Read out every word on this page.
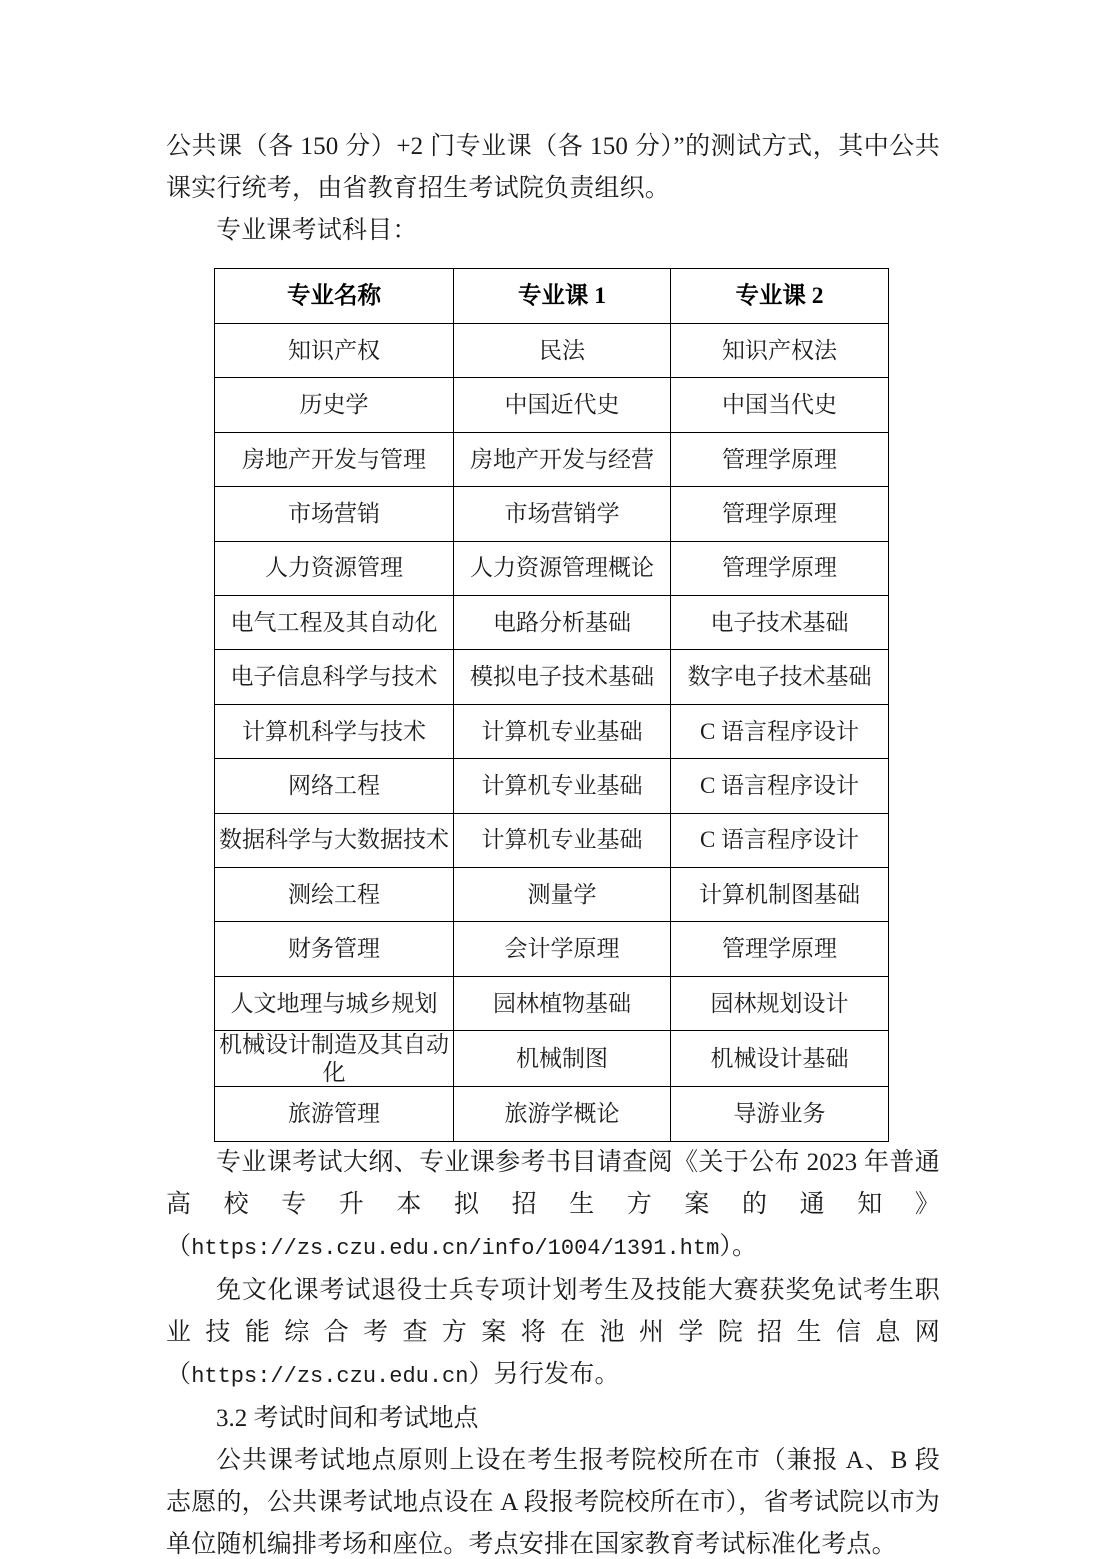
公共课（各 150 分）+2 门专业课（各 150 分）”的测试方式，其中公共课实行统考，由省教育招生考试院负责组织。

专业课考试科目：

专业名称	专业课 1	专业课 2
知识产权	民法	知识产权法
历史学	中国近代史	中国当代史
房地产开发与管理	房地产开发与经营	管理学原理
市场营销	市场营销学	管理学原理
人力资源管理	人力资源管理概论	管理学原理
电气工程及其自动化	电路分析基础	电子技术基础
电子信息科学与技术	模拟电子技术基础	数字电子技术基础
计算机科学与技术	计算机专业基础	C 语言程序设计
网络工程	计算机专业基础	C 语言程序设计
数据科学与大数据技术	计算机专业基础	C 语言程序设计
测绘工程	测量学	计算机制图基础
财务管理	会计学原理	管理学原理
人文地理与城乡规划	园林植物基础	园林规划设计
机械设计制造及其自动化	机械制图	机械设计基础
旅游管理	旅游学概论	导游业务

专业课考试大纲、专业课参考书目请查阅《关于公布 2023 年普通高校专升本拟招生方案的通知》（https://zs.czu.edu.cn/info/1004/1391.htm）。

免文化课考试退役士兵专项计划考生及技能大赛获奖免试考生职业技能综合考查方案将在池州学院招生信息网（https://zs.czu.edu.cn）另行发布。

3.2 考试时间和考试地点

公共课考试地点原则上设在考生报考院校所在市（兼报 A、B 段志愿的，公共课考试地点设在 A 段报考院校所在市），省考试院以市为单位随机编排考场和座位。考点安排在国家教育考试标准化考点。
